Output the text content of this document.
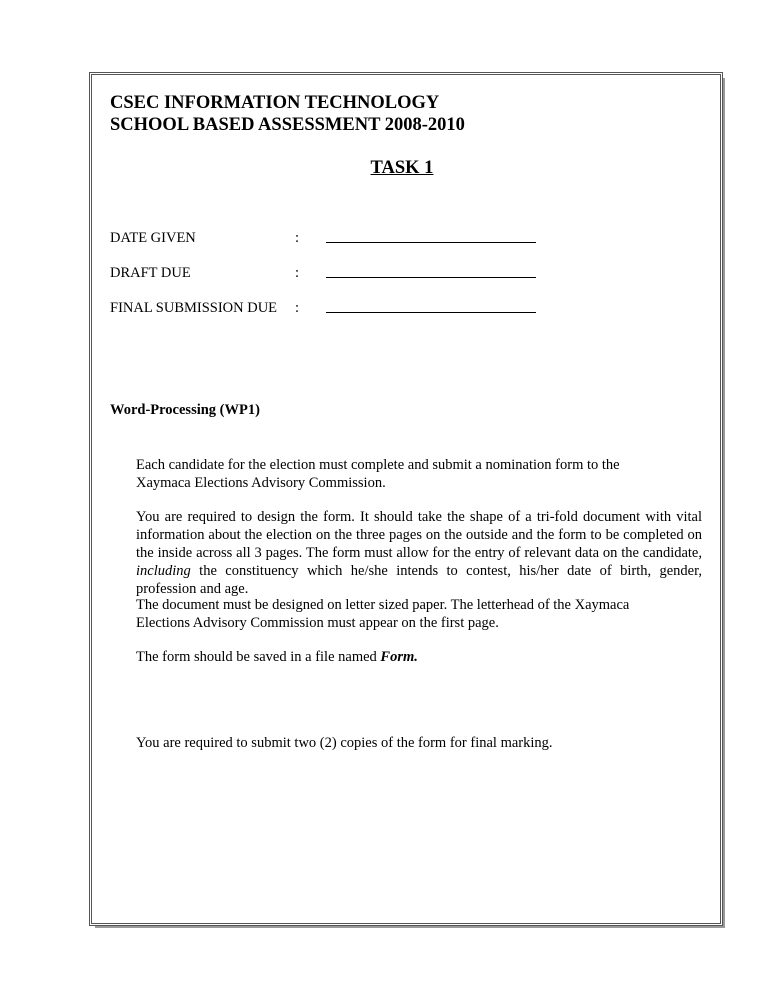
CSEC INFORMATION TECHNOLOGY
SCHOOL BASED ASSESSMENT 2008-2010
TASK 1
DATE GIVEN	:
DRAFT DUE	:
FINAL SUBMISSION DUE :
Word-Processing (WP1)
Each candidate for the election must complete and submit a nomination form to the
Xaymaca Elections Advisory Commission.
You are required to design the form. It should take the shape of a tri-fold document with vital information about the election on the three pages on the outside and the form to be completed on the inside across all 3 pages. The form must allow for the entry of relevant data on the candidate, including the constituency which he/she intends to contest, his/her date of birth, gender, profession and age.
The document must be designed on letter sized paper. The letterhead of the Xaymaca
Elections Advisory Commission must appear on the first page.
The form should be saved in a file named Form.
You are required to submit two (2) copies of the form for final marking.
